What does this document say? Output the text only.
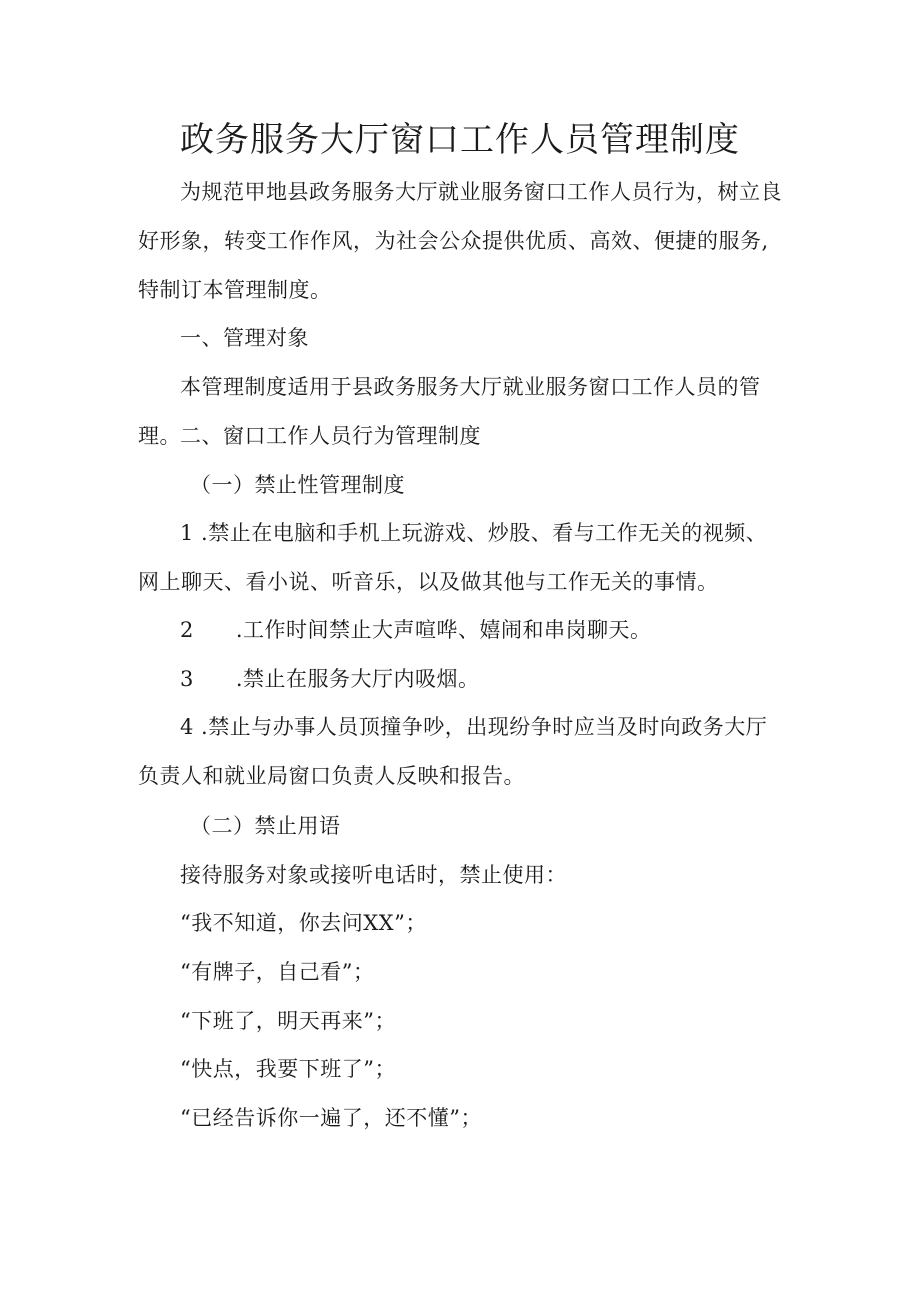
政务服务大厅窗口工作人员管理制度

为规范甲地县政务服务大厅就业服务窗口工作人员行为，树立良好形象，转变工作作风，为社会公众提供优质、高效、便捷的服务,特制订本管理制度。

一、管理对象

本管理制度适用于县政务服务大厅就业服务窗口工作人员的管理。 二、窗口工作人员行为管理制度

（一）禁止性管理制度

1 .禁止在电脑和手机上玩游戏、炒股、看与工作无关的视频、网上聊天、看小说、听音乐，以及做其他与工作无关的事情。

2 .工作时间禁止大声喧哗、嬉闹和串岗聊天。

3 .禁止在服务大厅内吸烟。

4 .禁止与办事人员顶撞争吵，出现纷争时应当及时向政务大厅负责人和就业局窗口负责人反映和报告。

（二）禁止用语

接待服务对象或接听电话时，禁止使用：

“我不知道，你去问XX”；

“有牌子，自己看”；

“下班了，明天再来”；

“快点，我要下班了”；

“已经告诉你一遍了，还不懂”；
